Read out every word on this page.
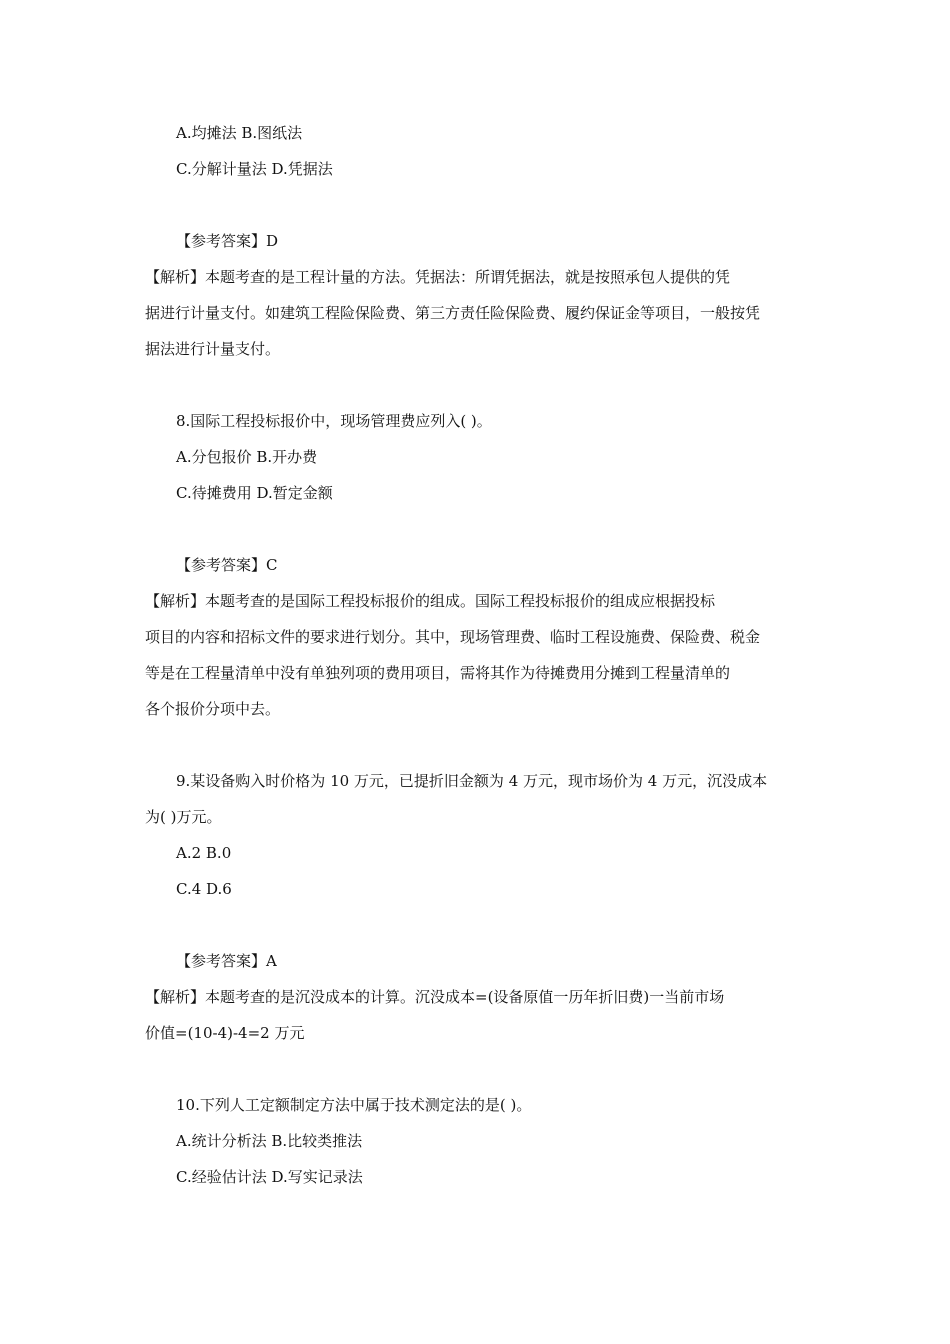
A.均摊法 B.图纸法
C.分解计量法 D.凭据法
【参考答案】D
【解析】本题考查的是工程计量的方法。凭据法：所谓凭据法，就是按照承包人提供的凭
据进行计量支付。如建筑工程险保险费、第三方责任险保险费、履约保证金等项目，一般按凭
据法进行计量支付。
8.国际工程投标报价中，现场管理费应列入( )。
A.分包报价 B.开办费
C.待摊费用 D.暂定金额
【参考答案】C
【解析】本题考查的是国际工程投标报价的组成。国际工程投标报价的组成应根据投标
项目的内容和招标文件的要求进行划分。其中，现场管理费、临时工程设施费、保险费、税金
等是在工程量清单中没有单独列项的费用项目，需将其作为待摊费用分摊到工程量清单的
各个报价分项中去。
9.某设备购入时价格为 10 万元，已提折旧金额为 4 万元，现市场价为 4 万元，沉没成本
为( )万元。
A.2 B.0
C.4 D.6
【参考答案】A
【解析】本题考查的是沉没成本的计算。沉没成本=(设备原值一历年折旧费)一当前市场
价值=(10-4)-4=2 万元
10.下列人工定额制定方法中属于技术测定法的是( )。
A.统计分析法 B.比较类推法
C.经验估计法 D.写实记录法
